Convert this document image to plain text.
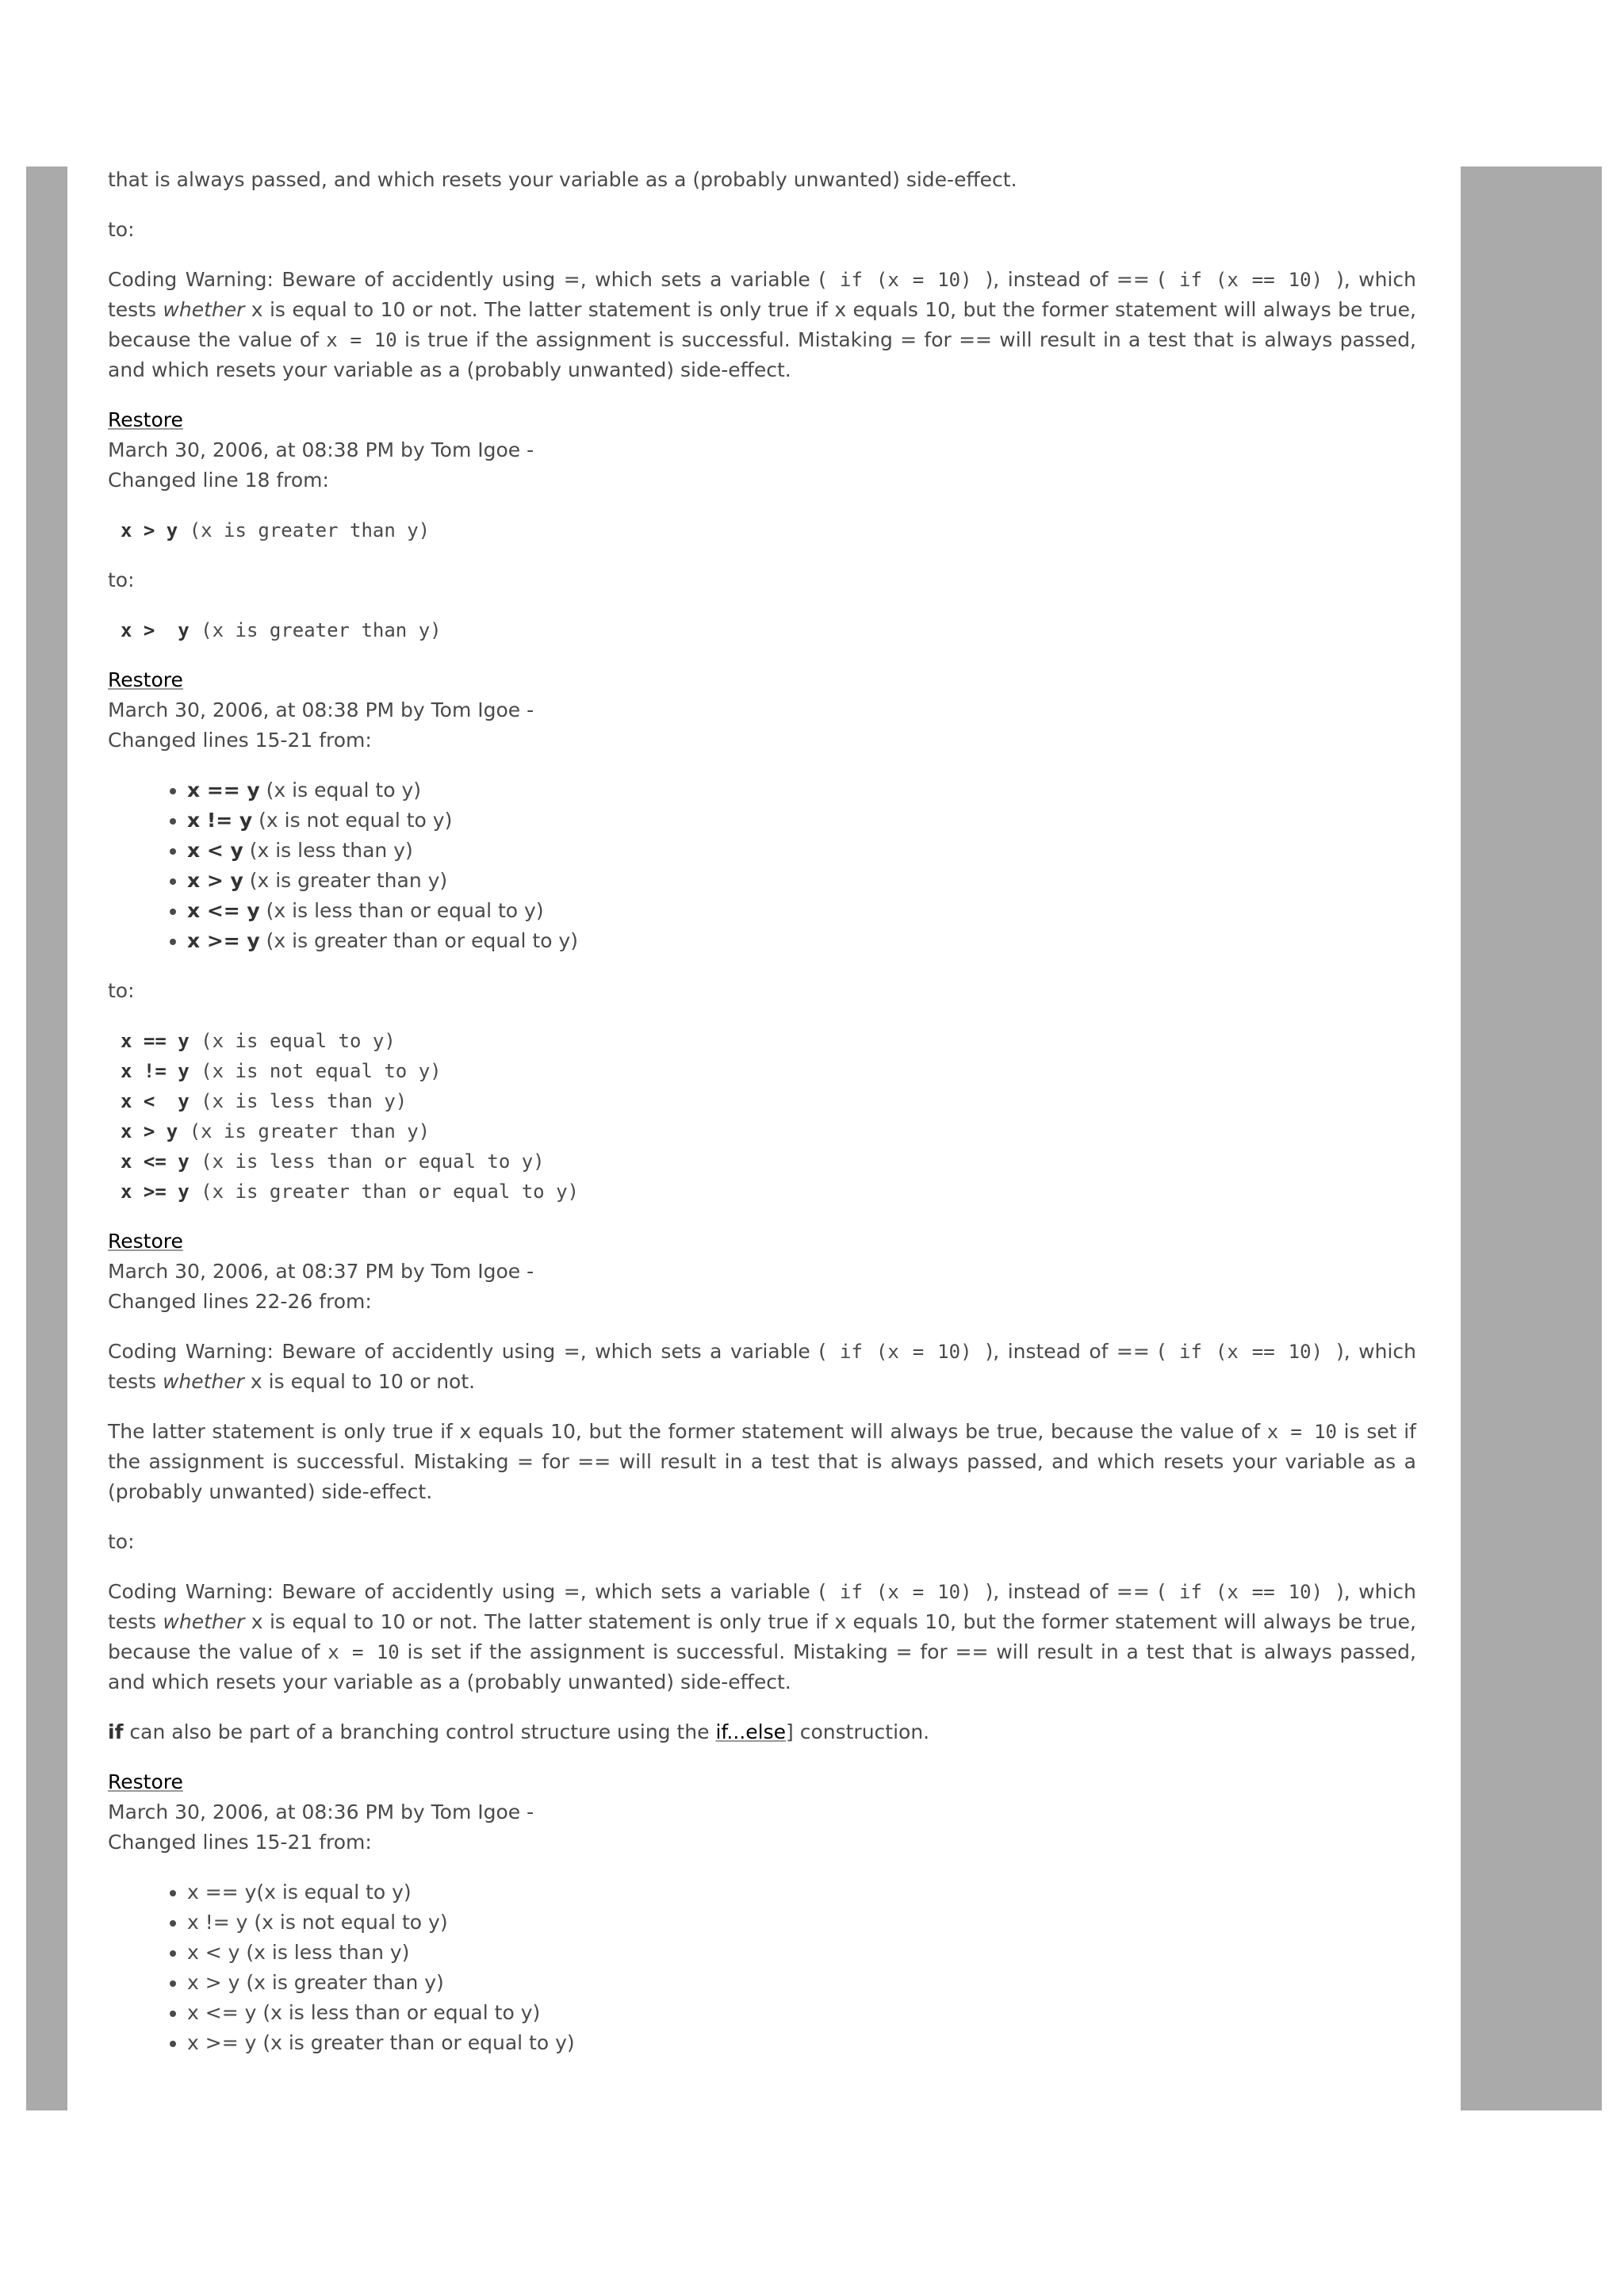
that is always passed, and which resets your variable as a (probably unwanted) side-effect.

to:

Coding Warning: Beware of accidently using =, which sets a variable ( if (x = 10) ), instead of == ( if (x == 10) ), which tests whether x is equal to 10 or not. The latter statement is only true if x equals 10, but the former statement will always be true, because the value of x = 10 is true if the assignment is successful. Mistaking = for == will result in a test that is always passed, and which resets your variable as a (probably unwanted) side-effect.

Restore
March 30, 2006, at 08:38 PM by Tom Igoe -
Changed line 18 from:
x > y (x is greater than y)

to:

x >  y (x is greater than y)
Restore
March 30, 2006, at 08:38 PM by Tom Igoe -
Changed lines 15-21 from:
• x == y (x is equal to y)
• x != y (x is not equal to y)
• x < y (x is less than y)
• x > y (x is greater than y)
• x <= y (x is less than or equal to y)
• x >= y (x is greater than or equal to y)

to:

x == y (x is equal to y)
x != y (x is not equal to y)
x <  y (x is less than y)
x > y (x is greater than y)
x <= y (x is less than or equal to y)
x >= y (x is greater than or equal to y)
Restore
March 30, 2006, at 08:37 PM by Tom Igoe -
Changed lines 22-26 from:

Coding Warning: Beware of accidently using =, which sets a variable ( if (x = 10) ), instead of == ( if (x == 10) ), which tests whether x is equal to 10 or not.

The latter statement is only true if x equals 10, but the former statement will always be true, because the value of x = 10 is set if the assignment is successful. Mistaking = for == will result in a test that is always passed, and which resets your variable as a (probably unwanted) side-effect.

to:

Coding Warning: Beware of accidently using =, which sets a variable ( if (x = 10) ), instead of == ( if (x == 10) ), which tests whether x is equal to 10 or not. The latter statement is only true if x equals 10, but the former statement will always be true, because the value of x = 10 is set if the assignment is successful. Mistaking = for == will result in a test that is always passed, and which resets your variable as a (probably unwanted) side-effect.

if can also be part of a branching control structure using the if...else] construction.

Restore
March 30, 2006, at 08:36 PM by Tom Igoe -
Changed lines 15-21 from:
• x == y(x is equal to y)
• x != y (x is not equal to y)
• x < y (x is less than y)
• x > y (x is greater than y)
• x <= y (x is less than or equal to y)
• x >= y (x is greater than or equal to y)
